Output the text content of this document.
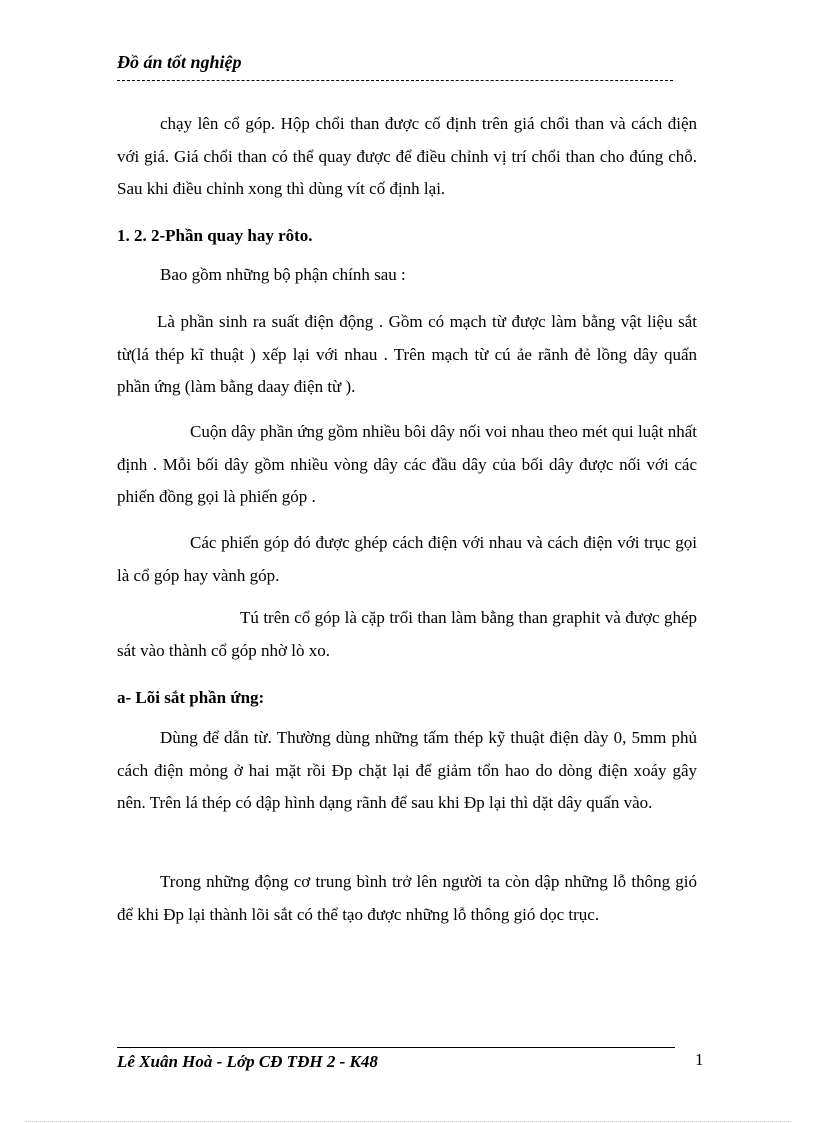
Đồ án tốt nghiệp

chạy lên cổ góp. Hộp chổi than được cố định trên giá chổi than và cách điện với giá. Giá chổi than có thể quay được để điều chỉnh vị trí chổi than cho đúng chỗ. Sau khi điều chỉnh xong thì dùng vít cố định lại.

1. 2. 2-Phần quay hay rôto.

Bao gồm những bộ phận chính sau :

Là phần sinh ra suất điện động . Gồm có mạch từ được làm bằng vật liệu sắt từ(lá thép kĩ thuật ) xếp lại với nhau . Trên mạch từ cú ảe rãnh đẻ lồng dây quấn phần ứng (làm bằng daay điện từ ).

Cuộn dây phần ứng gồm nhiều bôi dây nối voi nhau theo mét qui luật nhất định . Mỗi bối dây gồm nhiều vòng dây các đầu dây của bối dây được nối với các phiến đồng gọi là phiến góp .

Các phiến góp đó được ghép cách điện với nhau và cách điện với trục gọi là cổ góp hay vành góp.

Tú trên cổ góp là cặp trổi than làm bằng than graphit và được ghép sát vào thành cổ góp nhờ lò xo.

a- Lõi sắt phần ứng:

Dùng để dẫn từ. Thường dùng những tấm thép kỹ thuật điện dày 0, 5mm phủ cách điện mỏng ở hai mặt rồi Đp chặt lại để giảm tổn hao do dòng điện xoáy gây nên. Trên lá thép có dập hình dạng rãnh để sau khi Đp lại thì dặt dây quấn vào.

Trong những động cơ trung bình trở lên người ta còn dập những lỗ thông gió để khi Đp lại thành lõi sắt có thể tạo được những lỗ thông gió dọc trục.

Lê Xuân Hoà - Lớp CĐ TĐH 2 - K48	1
